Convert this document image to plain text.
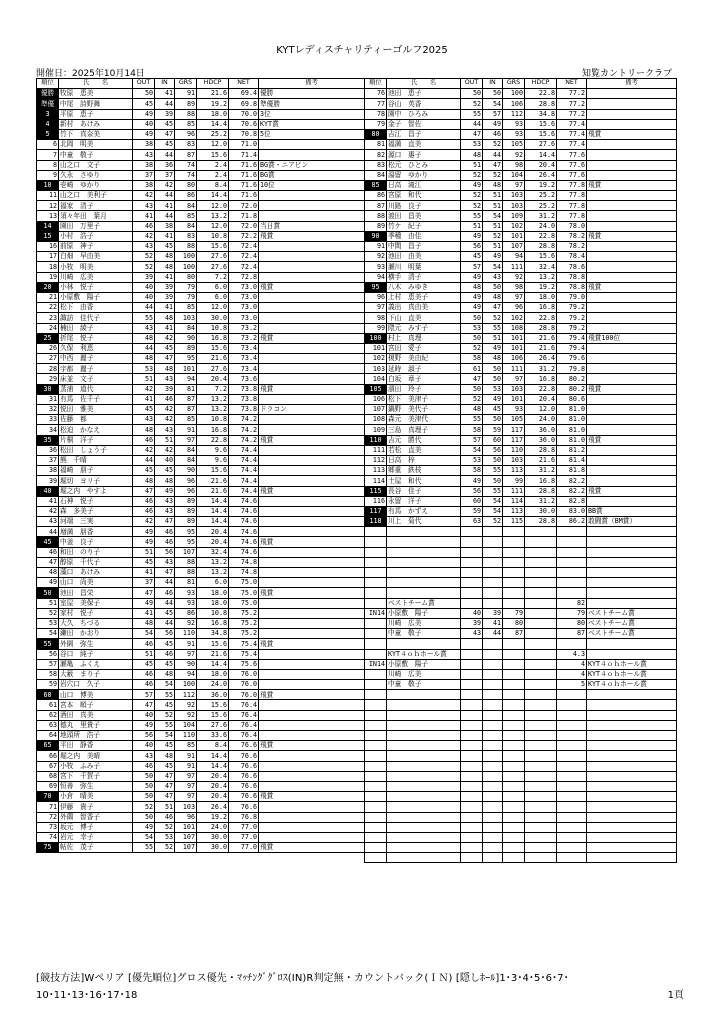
KYTレディスチャリティーゴルフ2025
開催日：2025年10月14日	知覧カントリークラブ
順位	氏　　名	OUT	IN	GRS	HDCP	NET	備考
優勝	牧原　恵美	50	41	91	21.6	69.4	優勝
準優	中尾　詩野舞	45	44	89	19.2	69.8	準優勝
3	平原　恵子	49	39	88	18.0	70.0	3位
4	新村　あけみ	40	45	85	14.4	70.6	KYT賞
5	竹下　真奈美	49	47	96	25.2	70.8	5位
6	北岡　明美	38	45	83	12.0	71.0	
7	中童　敬子	43	44	87	15.6	71.4	
8	山之口　文子	38	36	74	2.4	71.6	BG賞・ニアピン
9	久永　さゆり	37	37	74	2.4	71.6	BG賞
10	壱崎　ゆかり	38	42	80	8.4	71.6	10位
11	山之口　美利子	42	44	86	14.4	71.6	
12	福家　清子	43	41	84	12.0	72.0	
13	須々年田　葉月	41	44	85	13.2	71.8	
14	園田　万里子	46	38	84	12.0	72.0	当日賞
15	小村　浩子	42	41	83	10.8	72.2	飛賞
16	前原　神子	43	45	88	15.6	72.4	
17	白畑　早由美	52	48	100	27.6	72.4	
18	小牧　明美	52	48	100	27.6	72.4	
19	川崎　広美	39	41	80	7.2	72.8	
20	小林　悦子	40	39	79	6.0	73.0	飛賞
21	小原敷　陽子	40	39	79	6.0	73.0	
22	松下　由香	44	41	85	12.0	73.0	
23	諏訪　佳代子	55	48	103	30.0	73.0	
24	楠田　綾子	43	41	84	10.8	73.2	
25	折尾　悦子	48	42	90	16.8	73.2	飛賞
26	久保　利恵	44	45	89	15.6	73.4	
27	中西　麗子	48	47	95	21.6	73.4	
28	宇都　麗子	53	48	101	27.6	73.4	
29	床並　文子	51	43	94	20.4	73.6	
30	蒸浦　道代	42	39	81	7.2	73.8	飛賞
31	有馬　佐千子	41	46	87	13.2	73.8	
32	悦田　雅美	45	42	87	13.2	73.8	ドラコン
33	佐藤　都	43	42	85	10.8	74.2	
34	松迫　かなえ	48	43	91	16.8	74.2	
35	片桐　洋子	46	51	97	22.8	74.2	飛賞
36	松田　しょう子	42	42	84	9.6	74.4	
37	熊　千晴	44	40	84	9.6	74.4	
38	福崎　朋子	45	45	90	15.6	74.4	
39	堀切　ヨリ子	48	48	96	21.6	74.4	
40	堀之内　やすよ	47	49	96	21.6	74.4	飛賞
41	石神　悦子	46	43	89	14.4	74.6	
42	森　多美子	46	43	89	14.4	74.6	
43	河端　三実	42	47	89	14.4	74.6	
44	増満　朋香	49	46	95	20.4	74.6	
45	中釜　良子	49	46	95	20.4	74.6	飛賞
46	和田　のり子	51	56	107	32.4	74.6	
47	醇原　千代子	45	43	88	13.2	74.8	
48	藻口　あけみ	41	47	88	13.2	74.8	
49	山口　尚美	37	44	81	6.0	75.0	
50	池田　昌栄	47	46	93	18.0	75.0	飛賞
51	室屋　美保子	49	44	93	18.0	75.0	
52	家村　悦子	41	45	86	10.8	75.2	
53	大久　ちづる	48	44	92	16.8	75.2	
54	鎌田　かおり	54	56	110	34.8	75.2	
55	外園　弥生	46	45	91	15.6	75.4	飛賞
56	谷口　純子	51	46	97	21.6	75.4	
57	瀬亀　ふくえ	45	45	90	14.4	75.6	
58	大薮　まり子	46	48	94	18.0	76.0	
59	岩穴口　久子	46	54	100	24.0	76.0	
60	山口　博美	57	55	112	36.0	76.0	飛賞
61	宮本　順子	47	45	92	15.6	76.4	
62	酒田　真美	40	52	92	15.6	76.4	
63	德丸　里貴子	49	55	104	27.6	76.4	
64	地頭所　浩子	56	54	110	33.6	76.4	
65	平田　静香	40	45	85	8.4	76.6	飛賞
66	堀之内　美晴	43	48	91	14.4	76.6	
67	小牧　ふみ子	46	45	91	14.4	76.6	
68	宮下　千賀子	50	47	97	20.4	76.6	
69	恒善　弥生	50	47	97	20.4	76.6	
70	小倉　晴美	50	47	97	20.4	76.6	飛賞
71	伊藤　貴子	52	51	103	26.4	76.6	
72	外薗　智香子	50	46	96	19.2	76.8	
73	坂元　博子	49	52	101	24.0	77.0	
74	岩元　幸子	54	53	107	30.0	77.0	
75	帖佐　茂子	55	52	107	30.0	77.0	飛賞
順位	氏　　名	OUT	IN	GRS	HDCP	NET	備考
76	池田　恵子	50	50	100	22.8	77.2	
77	谷山　英香	52	54	106	28.8	77.2	
78	園中　ひろみ	55	57	112	34.8	77.2	
79	金子　智佐	44	49	93	15.6	77.4	
80	吉江　昌子	47	46	93	15.6	77.4	飛賞
81	福満　直美	53	52	105	27.6	77.4	
82	源口　惠子	48	44	92	14.4	77.6	
83	松元　ひとみ	51	47	98	20.4	77.6	
84	湯留　ゆかり	52	52	104	26.4	77.6	
85	日高　滝江	49	48	97	19.2	77.8	飛賞
86	宮原　和代	52	51	103	25.2	77.8	
87	川路　良子	52	51	103	25.2	77.8	
88	渡田　昌美	55	54	109	31.2	77.8	
89	竹ケ　紀子	51	51	102	24.0	78.0	
90	季種　由佳	49	52	101	22.8	78.2	飛賞
91	中間　昌子	56	51	107	28.8	78.2	
92	池田　由美	45	49	94	15.6	78.4	
93	瀬川　明葉	57	54	111	32.4	78.6	
94	横手　清子	49	43	92	13.2	78.8	
95	八木　みゆき	48	50	98	19.2	78.8	飛賞
96	上村　恵美子	49	48	97	18.0	79.0	
97	義出　真由美	49	47	96	16.8	79.2	
98	下山　直美	50	52	102	22.8	79.2	
99	隈元　みす子	53	55	108	28.8	79.2	
100	村上　真理	50	51	101	21.6	79.4	飛賞100位
101	宮田　愛子	52	49	101	21.6	79.4	
102	榎野　美由紀	58	48	106	26.4	79.6	
103	延時　淑子	61	50	111	31.2	79.8	
104	白坂　章子	47	50	97	16.8	80.2	
105	濱田　玲子	50	53	103	22.8	80.2	飛賞
106	松下　美津子	52	49	101	20.4	80.6	
107	鍋野　美代子	48	45	93	12.0	81.0	
108	森元　美津代	55	50	105	24.0	81.0	
109	三島　真理子	58	59	117	36.0	81.0	
110	吉元　勝代	57	60	117	36.0	81.0	飛賞
111	若松　直美	54	56	110	28.8	81.2	
112	日高　梓	53	50	103	21.6	81.4	
113	郷重　鉄枝	58	55	113	31.2	81.8	
114	土屋　和代	49	50	99	16.8	82.2	
115	長谷　佳子	56	55	111	28.8	82.2	飛賞
116	永留　洋子	60	54	114	31.2	82.8	
117	有馬　かずえ	59	54	113	30.0	83.0	BB賞
118	川上　菊代	63	52	115	28.8	86.2	敢闘賞（BM賞）

	ベストチーム賞					82	
IN14	小原敷　陽子	40	39	79		79	ベストチーム賞
	川崎　広美	39	41	80		80	ベストチーム賞
	中童　敬子	43	44	87		87	ベストチーム賞

	KYT４ｏｈホール賞					4.3	
IN14	小原敷　陽子					4	KYT４ｏｈホール賞
	川崎　広美					4	KYT４ｏｈホール賞
	中童　敬子					5	KYT４ｏｈホール賞

[競技方法]Wペリア [優先順位]グロス優先・ﾏｯﾁﾝｸﾞｸﾞﾛｽ(IN)R判定無・カウントバック(ＩＮ) [隠しﾎｰﾙ]1･3･4･5･6･7･
10･11･13･16･17･18	1頁
